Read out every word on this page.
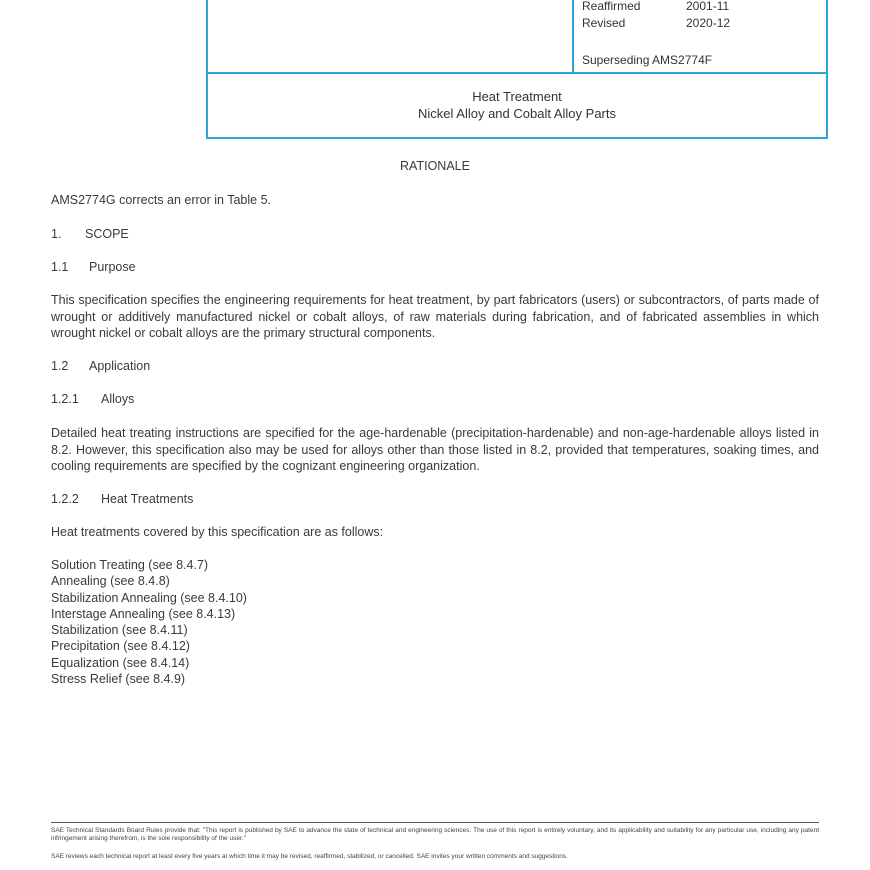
Reaffirmed	2001-11
Revised	2020-12
Superseding AMS2774F
Heat Treatment
Nickel Alloy and Cobalt Alloy Parts
RATIONALE

AMS2774G corrects an error in Table 5.

1. SCOPE
1.1 Purpose

This specification specifies the engineering requirements for heat treatment, by part fabricators (users) or subcontractors, of parts made of wrought or additively manufactured nickel or cobalt alloys, of raw materials during fabrication, and of fabricated assemblies in which wrought nickel or cobalt alloys are the primary structural components.

1.2 Application
1.2.1 Alloys

Detailed heat treating instructions are specified for the age-hardenable (precipitation-hardenable) and non-age-hardenable alloys listed in 8.2. However, this specification also may be used for alloys other than those listed in 8.2, provided that temperatures, soaking times, and cooling requirements are specified by the cognizant engineering organization.

1.2.2 Heat Treatments

Heat treatments covered by this specification are as follows:

Solution Treating (see 8.4.7)
Annealing (see 8.4.8)
Stabilization Annealing (see 8.4.10)
Interstage Annealing (see 8.4.13)
Stabilization (see 8.4.11)
Precipitation (see 8.4.12)
Equalization (see 8.4.14)
Stress Relief (see 8.4.9)

SAE Technical Standards Board Rules provide that: "This report is published by SAE to advance the state of technical and engineering sciences. The use of this report is entirely voluntary, and its applicability and suitability for any particular use, including any patent infringement arising therefrom, is the sole responsibility of the user."

SAE reviews each technical report at least every five years at which time it may be revised, reaffirmed, stabilized, or cancelled. SAE invites your written comments and suggestions.
